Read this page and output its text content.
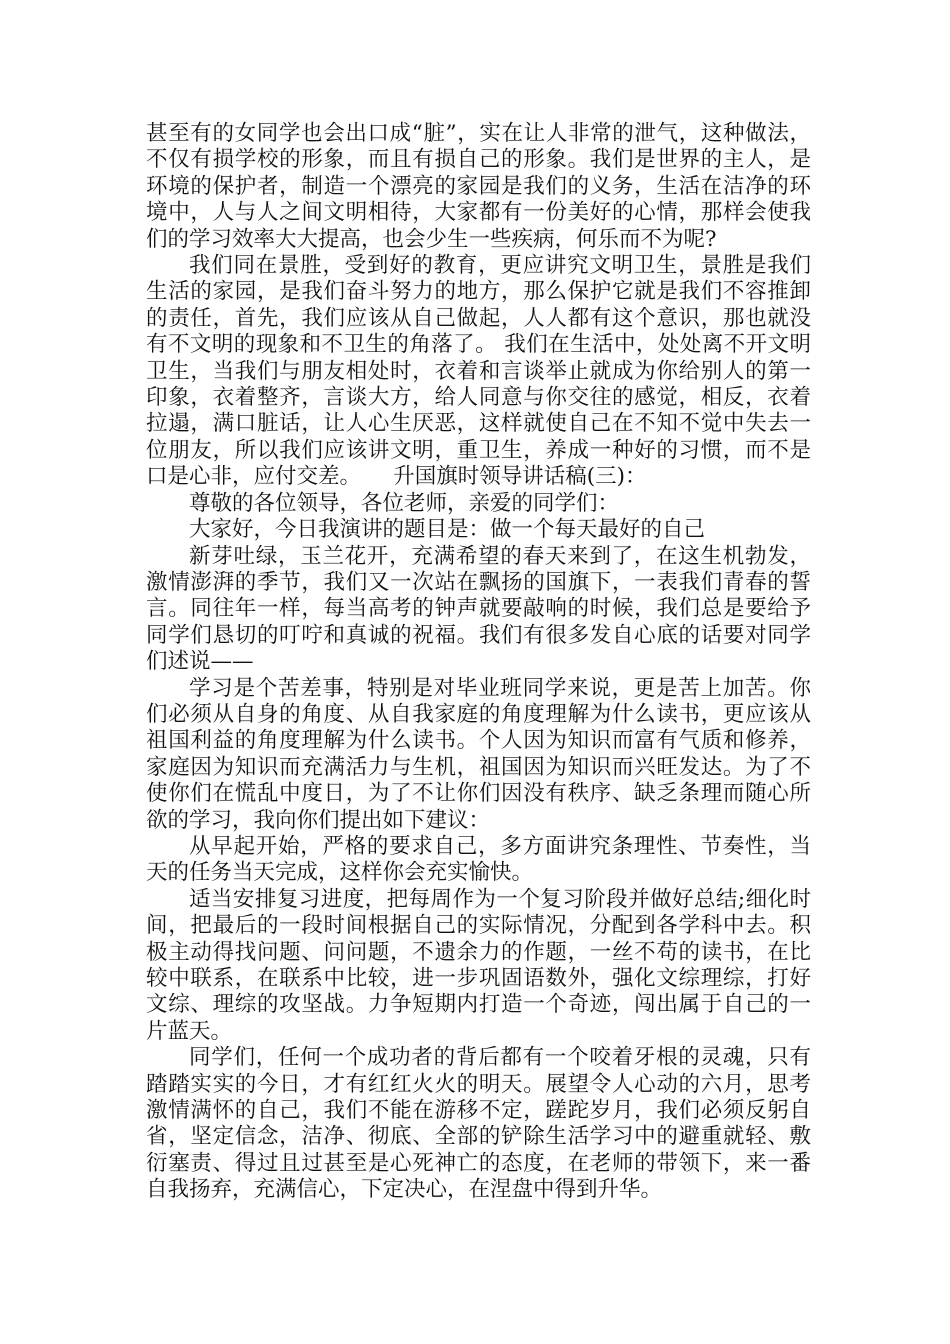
甚至有的女同学也会出口成“脏”，实在让人非常的泄气，这种做法，不仅有损学校的形象，而且有损自己的形象。我们是世界的主人，是环境的保护者，制造一个漂亮的家园是我们的义务，生活在洁净的环境中，人与人之间文明相待，大家都有一份美好的心情，那样会使我们的学习效率大大提高，也会少生一些疾病，何乐而不为呢?

我们同在景胜，受到好的教育，更应讲究文明卫生，景胜是我们生活的家园，是我们奋斗努力的地方，那么保护它就是我们不容推卸的责任，首先，我们应该从自己做起，人人都有这个意识，那也就没有不文明的现象和不卫生的角落了。 我们在生活中，处处离不开文明卫生，当我们与朋友相处时，衣着和言谈举止就成为你给别人的第一印象，衣着整齐，言谈大方，给人同意与你交往的感觉，相反，衣着拉遢，满口脏话，让人心生厌恶，这样就使自己在不知不觉中失去一位朋友，所以我们应该讲文明，重卫生，养成一种好的习惯，而不是口是心非，应付交差。　　升国旗时领导讲话稿(三)：

尊敬的各位领导，各位老师，亲爱的同学们：

大家好，今日我演讲的题目是：做一个每天最好的自己

新芽吐绿，玉兰花开，充满希望的春天来到了，在这生机勃发，激情澎湃的季节，我们又一次站在飘扬的国旗下，一表我们青春的誓言。同往年一样，每当高考的钟声就要敲响的时候，我们总是要给予同学们恳切的叮咛和真诚的祝福。我们有很多发自心底的话要对同学们述说——

学习是个苦差事，特别是对毕业班同学来说，更是苦上加苦。你们必须从自身的角度、从自我家庭的角度理解为什么读书，更应该从祖国利益的角度理解为什么读书。个人因为知识而富有气质和修养，家庭因为知识而充满活力与生机，祖国因为知识而兴旺发达。为了不使你们在慌乱中度日，为了不让你们因没有秩序、缺乏条理而随心所欲的学习，我向你们提出如下建议：

从早起开始，严格的要求自己，多方面讲究条理性、节奏性，当天的任务当天完成，这样你会充实愉快。

适当安排复习进度，把每周作为一个复习阶段并做好总结;细化时间，把最后的一段时间根据自己的实际情况，分配到各学科中去。积极主动得找问题、问问题，不遗余力的作题，一丝不苟的读书，在比较中联系，在联系中比较，进一步巩固语数外，强化文综理综，打好文综、理综的攻坚战。力争短期内打造一个奇迹，闯出属于自己的一片蓝天。

同学们，任何一个成功者的背后都有一个咬着牙根的灵魂，只有踏踏实实的今日，才有红红火火的明天。展望令人心动的六月，思考激情满怀的自己，我们不能在游移不定，蹉跎岁月，我们必须反躬自省，坚定信念，洁净、彻底、全部的铲除生活学习中的避重就轻、敷衍塞责、得过且过甚至是心死神亡的态度，在老师的带领下，来一番自我扬弃，充满信心，下定决心，在涅盘中得到升华。
